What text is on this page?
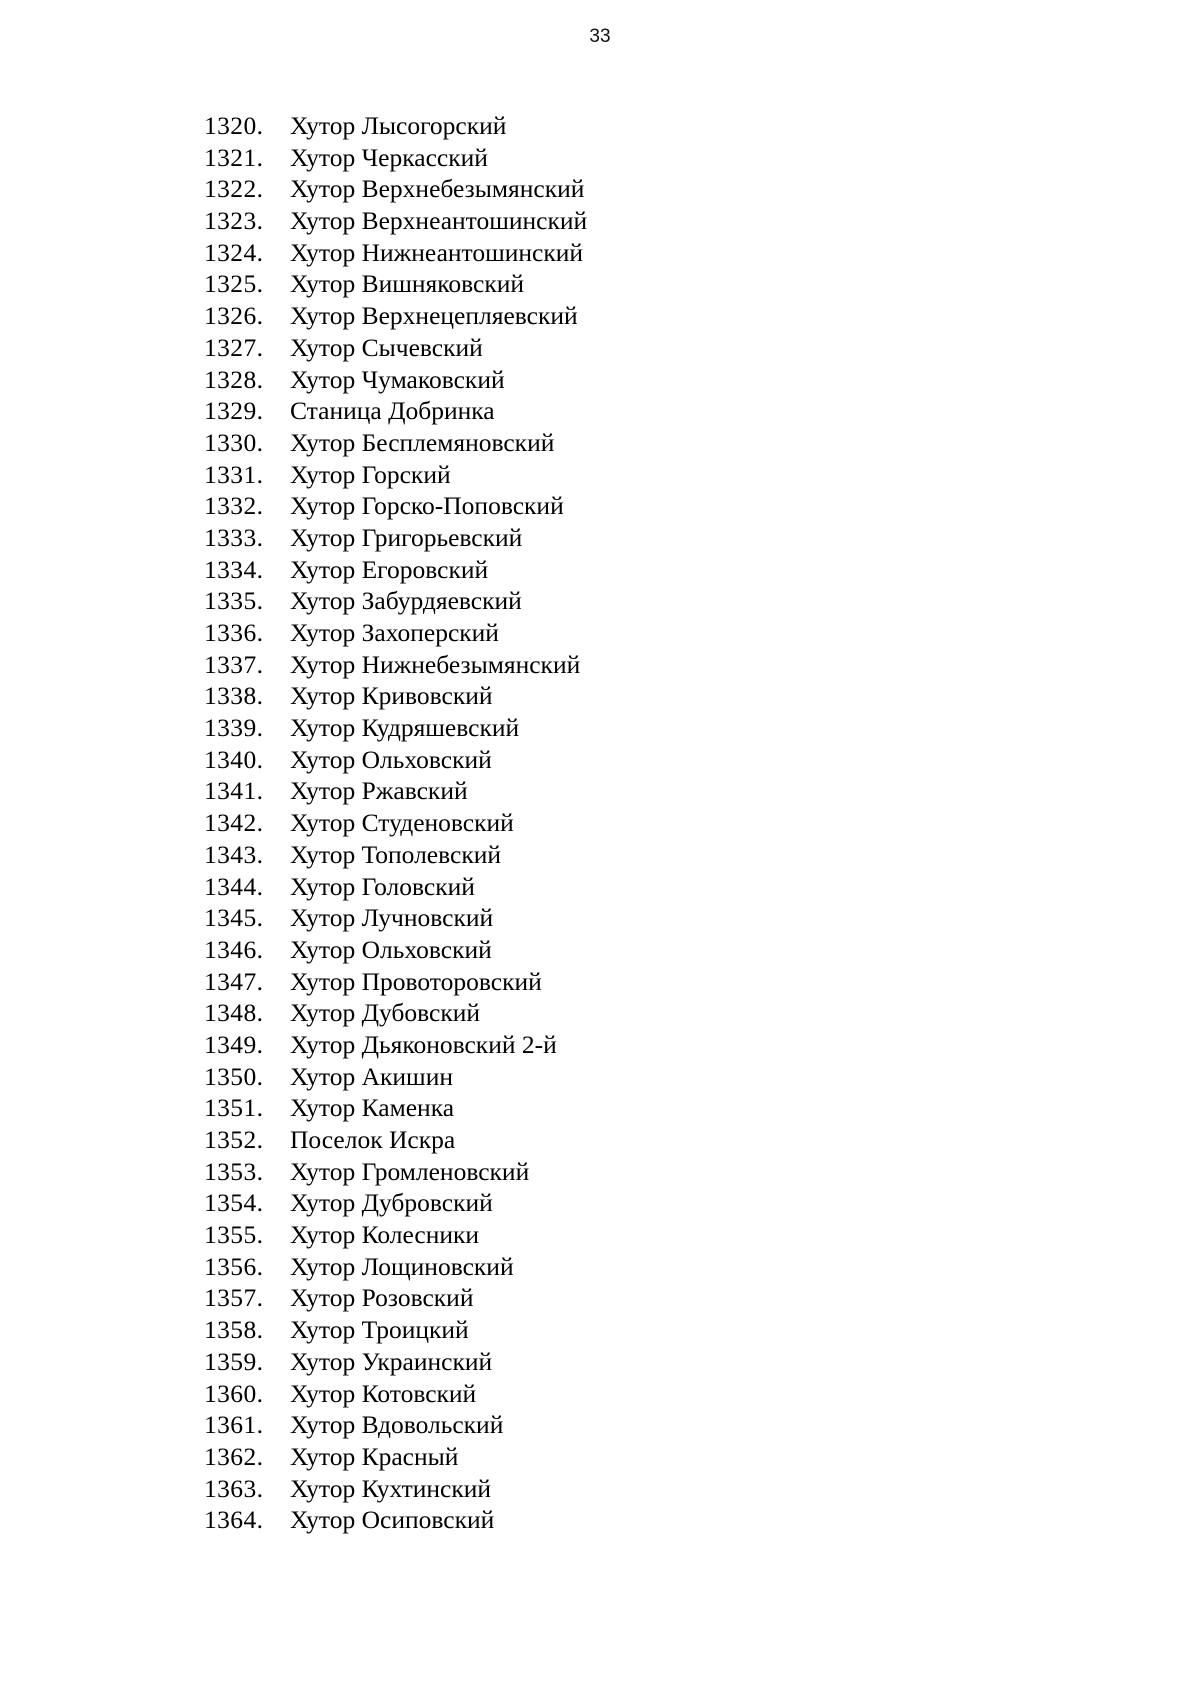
33
1320. Хутор Лысогорский
1321. Хутор Черкасский
1322. Хутор Верхнебезымянский
1323. Хутор Верхнеантошинский
1324. Хутор Нижнеантошинский
1325. Хутор Вишняковский
1326. Хутор Верхнецепляевский
1327. Хутор Сычевский
1328. Хутор Чумаковский
1329. Станица Добринка
1330. Хутор Бесплемяновский
1331. Хутор Горский
1332. Хутор Горско-Поповский
1333. Хутор Григорьевский
1334. Хутор Егоровский
1335. Хутор Забурдяевский
1336. Хутор Захоперский
1337. Хутор Нижнебезымянский
1338. Хутор Кривовский
1339. Хутор Кудряшевский
1340. Хутор Ольховский
1341. Хутор Ржавский
1342. Хутор Студеновский
1343. Хутор Тополевский
1344. Хутор Головский
1345. Хутор Лучновский
1346. Хутор Ольховский
1347. Хутор Провоторовский
1348. Хутор Дубовский
1349. Хутор Дьяконовский 2-й
1350. Хутор Акишин
1351. Хутор Каменка
1352. Поселок Искра
1353. Хутор Громленовский
1354. Хутор Дубровский
1355. Хутор Колесники
1356. Хутор Лощиновский
1357. Хутор Розовский
1358. Хутор Троицкий
1359. Хутор Украинский
1360. Хутор Котовский
1361. Хутор Вдовольский
1362. Хутор Красный
1363. Хутор Кухтинский
1364. Хутор Осиповский
